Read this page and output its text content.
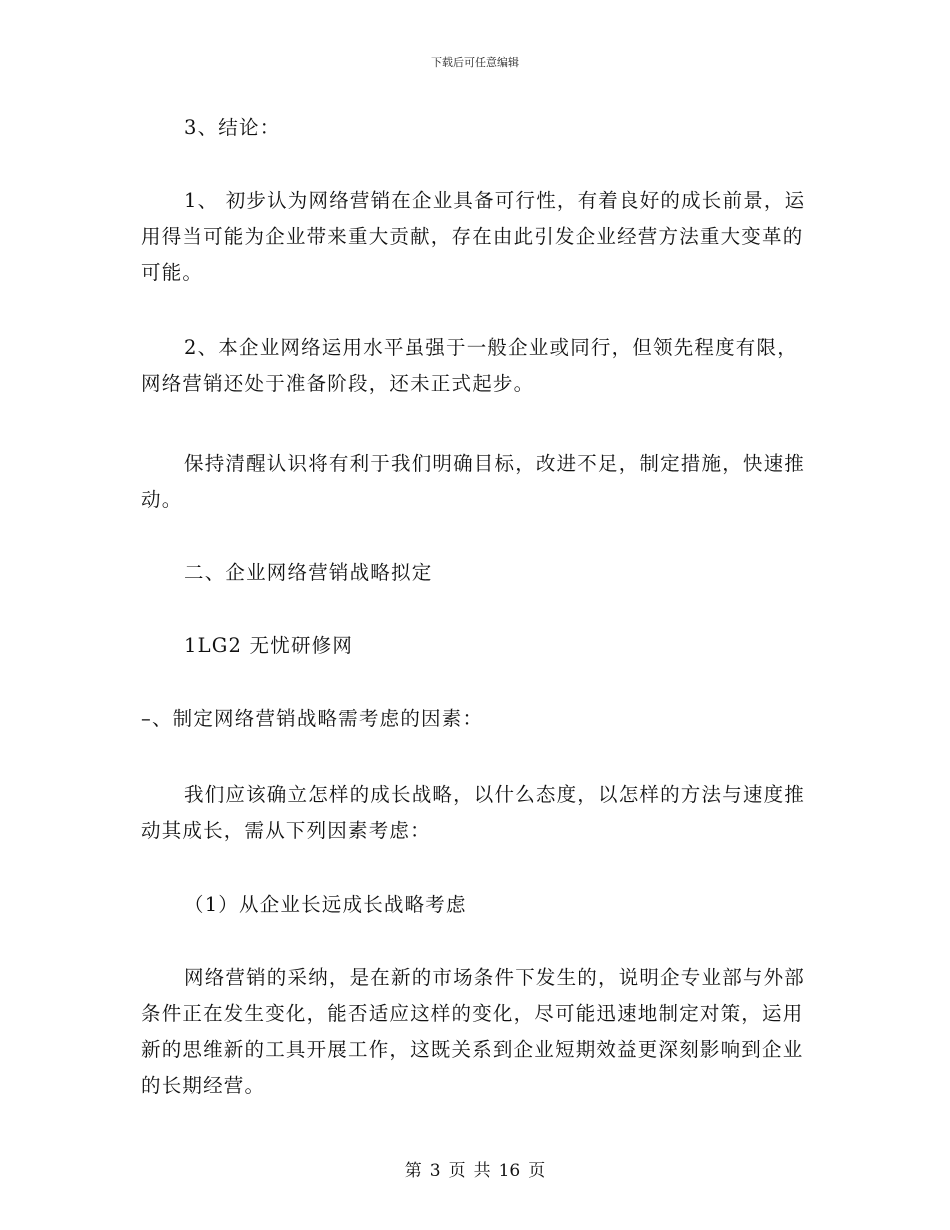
下载后可任意编辑

3、结论：

1、 初步认为网络营销在企业具备可行性，有着良好的成长前景，运用得当可能为企业带来重大贡献，存在由此引发企业经营方法重大变革的可能。

2、本企业网络运用水平虽强于一般企业或同行，但领先程度有限，网络营销还处于准备阶段，还未正式起步。

保持清醒认识将有利于我们明确目标，改进不足，制定措施，快速推动。

二、企业网络营销战略拟定

1LG2 无忧研修网

–、制定网络营销战略需考虑的因素：

我们应该确立怎样的成长战略，以什么态度，以怎样的方法与速度推动其成长，需从下列因素考虑：

（1）从企业长远成长战略考虑

网络营销的采纳，是在新的市场条件下发生的，说明企专业部与外部条件正在发生变化，能否适应这样的变化，尽可能迅速地制定对策，运用新的思维新的工具开展工作，这既关系到企业短期效益更深刻影响到企业的长期经营。

第 3 页 共 16 页
